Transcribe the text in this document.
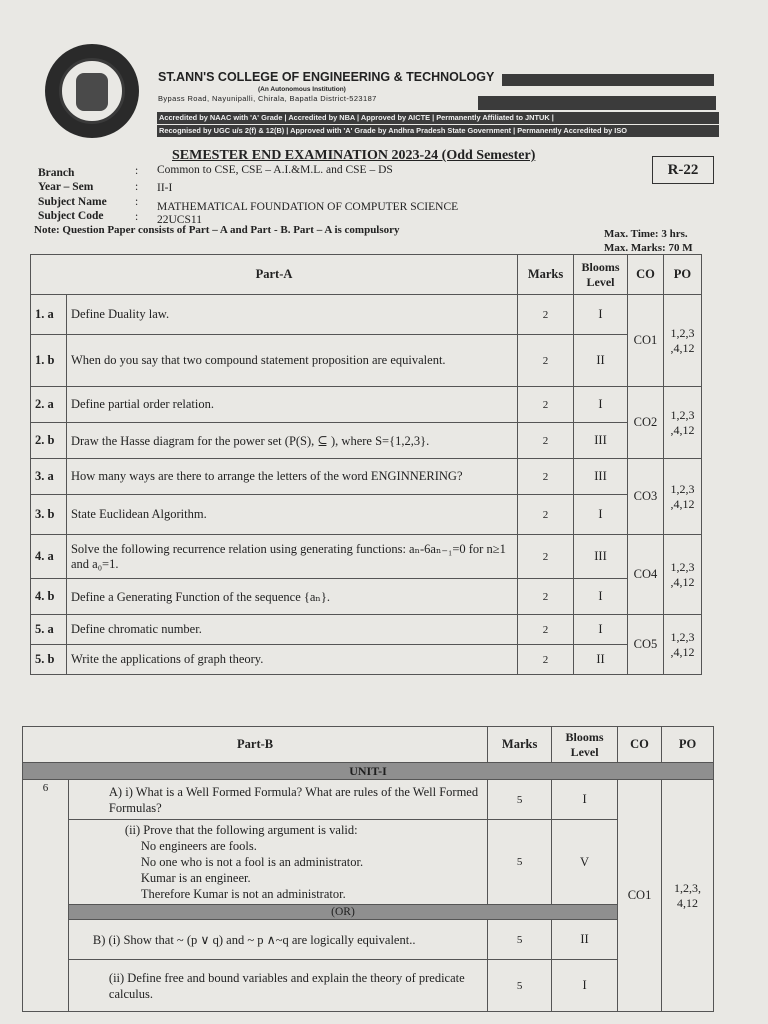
ST.ANN'S COLLEGE OF ENGINEERING & TECHNOLOGY
(An Autonomous Institution)
Bypass Road, Nayunipalli, Chirala, Bapatla District-523187
Accredited by NAAC with 'A' Grade | Accredited by NBA | Approved by AICTE | Permanently Affiliated to JNTUK |
Recognised by UGC u/s 2(f) & 12(B) | Approved with 'A' Grade by Andhra Pradesh State Government | Permanently Accredited by ISO
SEMESTER END EXAMINATION 2023-24 (Odd Semester)
R-22
Branch	: Common to CSE, CSE – A.I.&M.L. and CSE – DS
Year – Sem	: II-I
Subject Name : MATHEMATICAL FOUNDATION OF COMPUTER SCIENCE
Subject Code	: 22UCS11
Note: Question Paper consists of Part – A and Part - B. Part – A is compulsory	Max. Time: 3 hrs.
Max. Marks: 70 M
Part-A		Marks	Blooms Level	CO	PO
1. a	Define Duality law.	2	I	CO1	1,2,3 ,4,12
1. b	When do you say that two compound statement proposition are equivalent.	2	II		
2. a	Define partial order relation.	2	I	CO2	1,2,3 ,4,12
2. b	Draw the Hasse diagram for the power set (P(S), ⊆ ), where S={1,2,3}.	2	III		
3. a	How many ways are there to arrange the letters of the word ENGINNERING?	2	III	CO3	1,2,3 ,4,12
3. b	State Euclidean Algorithm.	2	I		
4. a	Solve the following recurrence relation using generating functions: aₙ-6aₙ₋₁=0 for n≥1 and a₀=1.	2	III	CO4	1,2,3 ,4,12
4. b	Define a Generating Function of the sequence {aₙ}.	2	I		
5. a	Define chromatic number.	2	I	CO5	1,2,3 ,4,12
5. b	Write the applications of graph theory.	2	II		
Part-B		Marks	Blooms Level	CO	PO
UNIT-I					
6	A) i) What is a Well Formed Formula? What are rules of the Well Formed Formulas?	5	I	CO1	1,2,3, 4,12

	(ii) Prove that the following argument is valid:
No engineers are fools.
No one who is not a fool is an administrator.
Kumar is an engineer.
Therefore Kumar is not an administrator.	5	V		
	(OR)				
	B) (i) Show that ~ (p ∨ q) and ~ p ∧~q are logically equivalent..	5	II		
	(ii) Define free and bound variables and explain the theory of predicate calculus.	5	I		
